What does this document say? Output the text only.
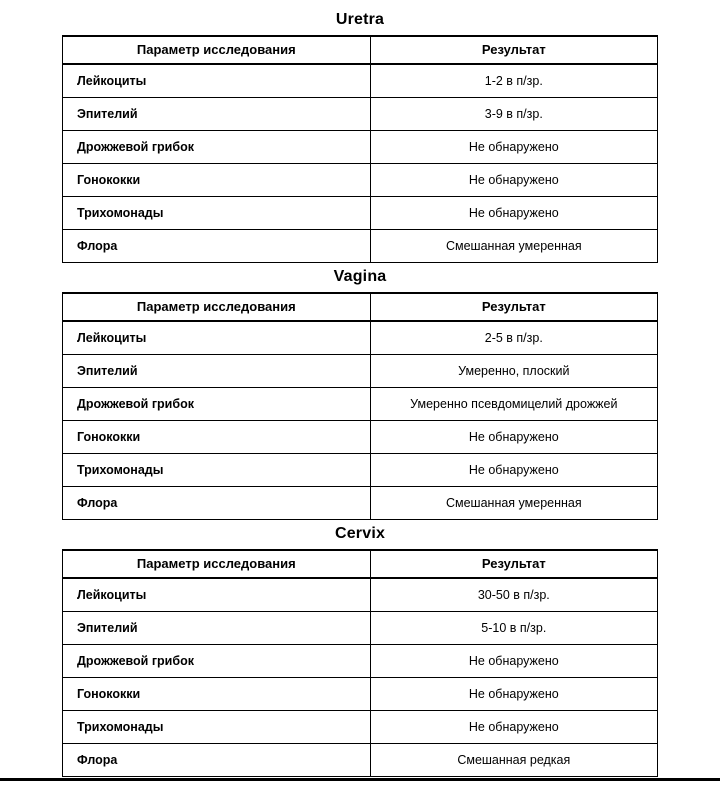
Uretra
Параметр исследования	Результат
Лейкоциты	1-2 в п/зр.
Эпителий	3-9 в п/зр.
Дрожжевой грибок	Не обнаружено
Гонококки	Не обнаружено
Трихомонады	Не обнаружено
Флора	Смешанная умеренная
Vagina
Параметр исследования	Результат
Лейкоциты	2-5 в п/зр.
Эпителий	Умеренно, плоский
Дрожжевой грибок	Умеренно псевдомицелий дрожжей
Гонококки	Не обнаружено
Трихомонады	Не обнаружено
Флора	Смешанная умеренная
Cervix
Параметр исследования	Результат
Лейкоциты	30-50 в п/зр.
Эпителий	5-10 в п/зр.
Дрожжевой грибок	Не обнаружено
Гонококки	Не обнаружено
Трихомонады	Не обнаружено
Флора	Смешанная редкая
